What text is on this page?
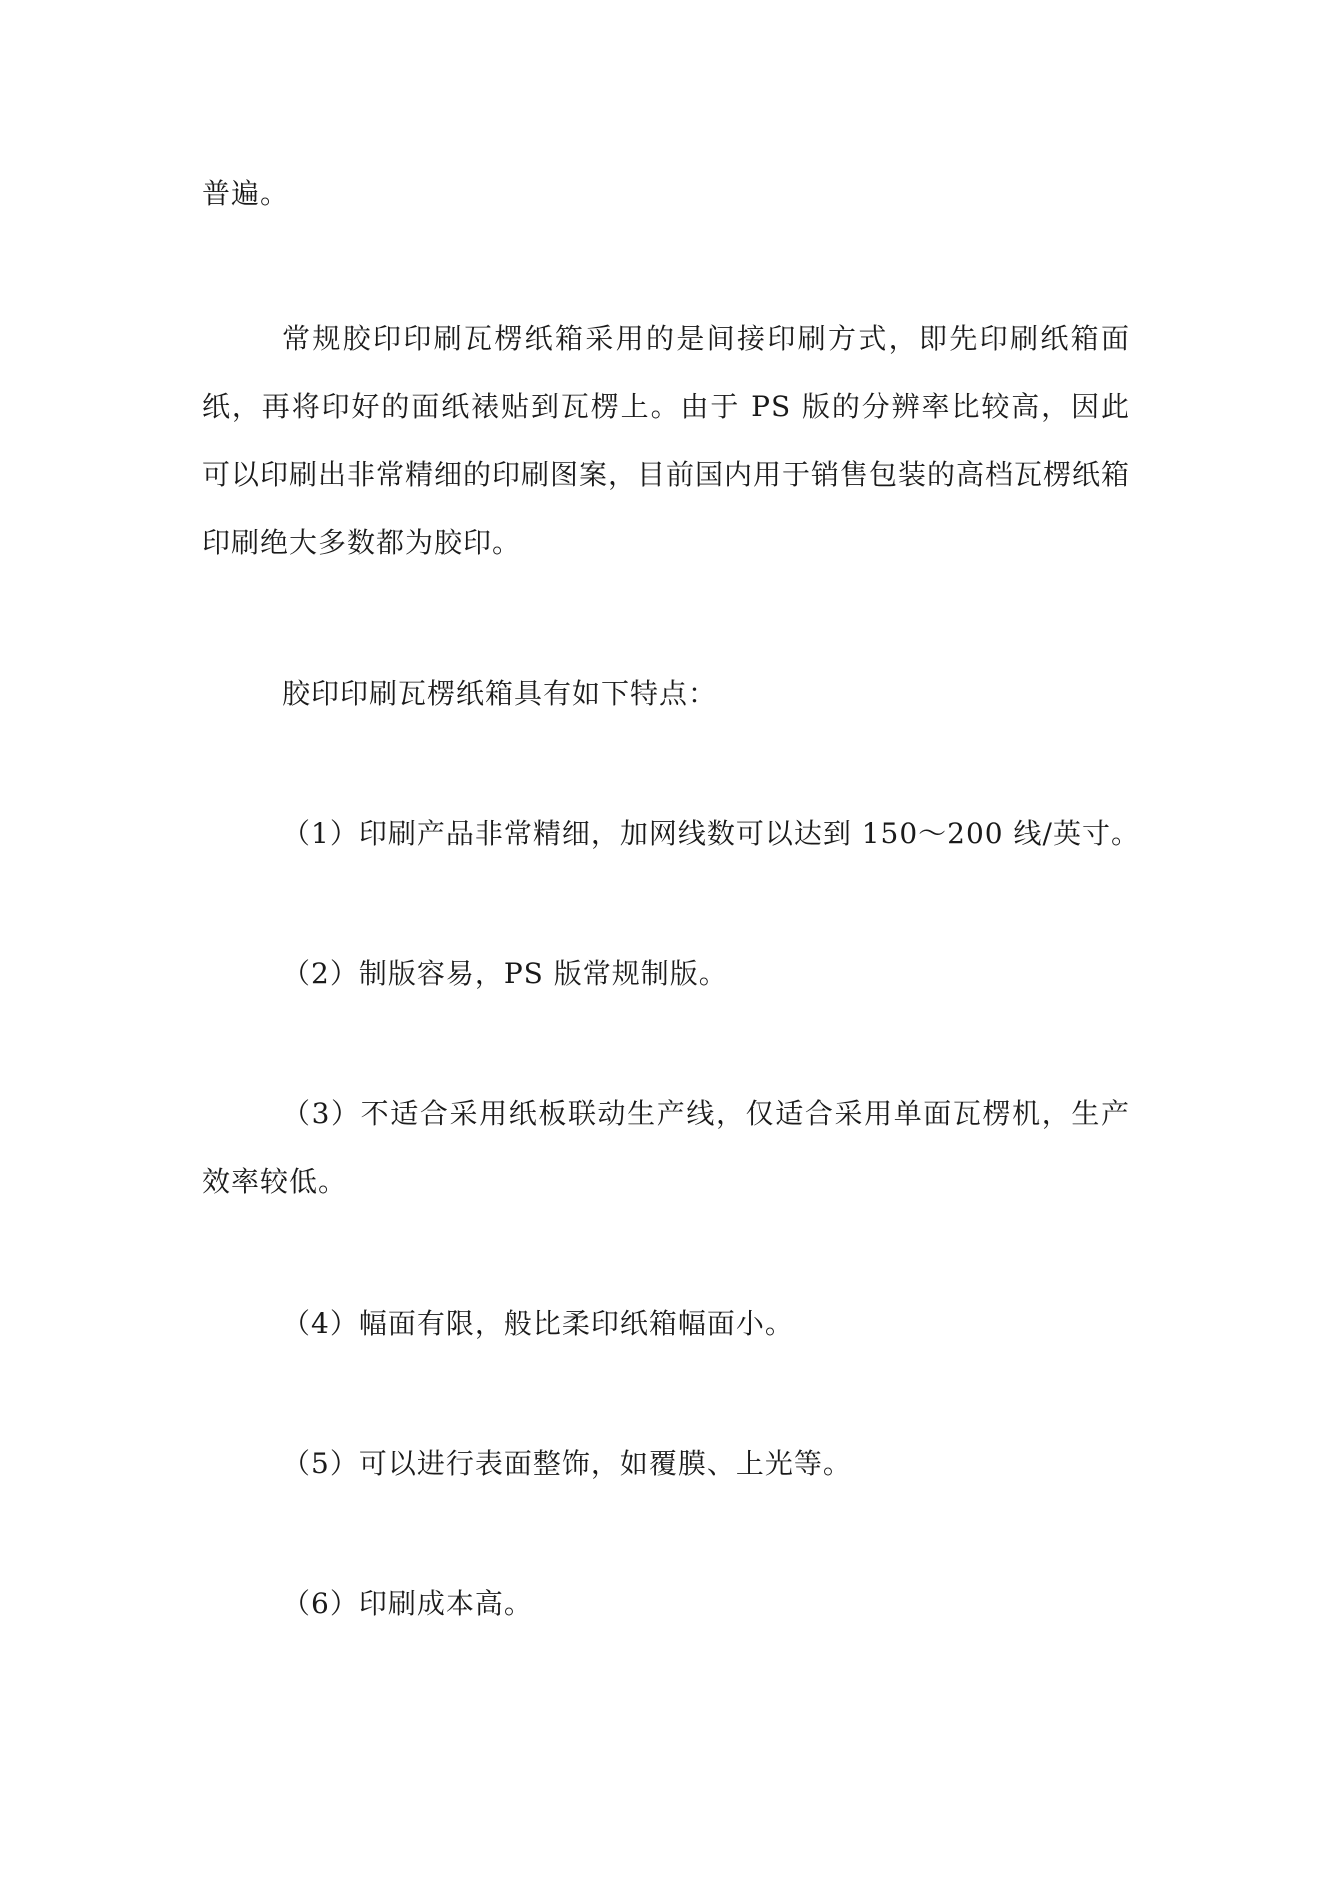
普遍。
常规胶印印刷瓦楞纸箱采用的是间接印刷方式，即先印刷纸箱面纸，再将印好的面纸裱贴到瓦楞上。由于 PS 版的分辨率比较高，因此可以印刷出非常精细的印刷图案，目前国内用于销售包装的高档瓦楞纸箱印刷绝大多数都为胶印。
胶印印刷瓦楞纸箱具有如下特点：
（1）印刷产品非常精细，加网线数可以达到 150～200 线/英寸。
（2）制版容易，PS 版常规制版。
（3）不适合采用纸板联动生产线，仅适合采用单面瓦楞机，生产效率较低。
（4）幅面有限，般比柔印纸箱幅面小。
（5）可以进行表面整饰，如覆膜、上光等。
（6）印刷成本高。
